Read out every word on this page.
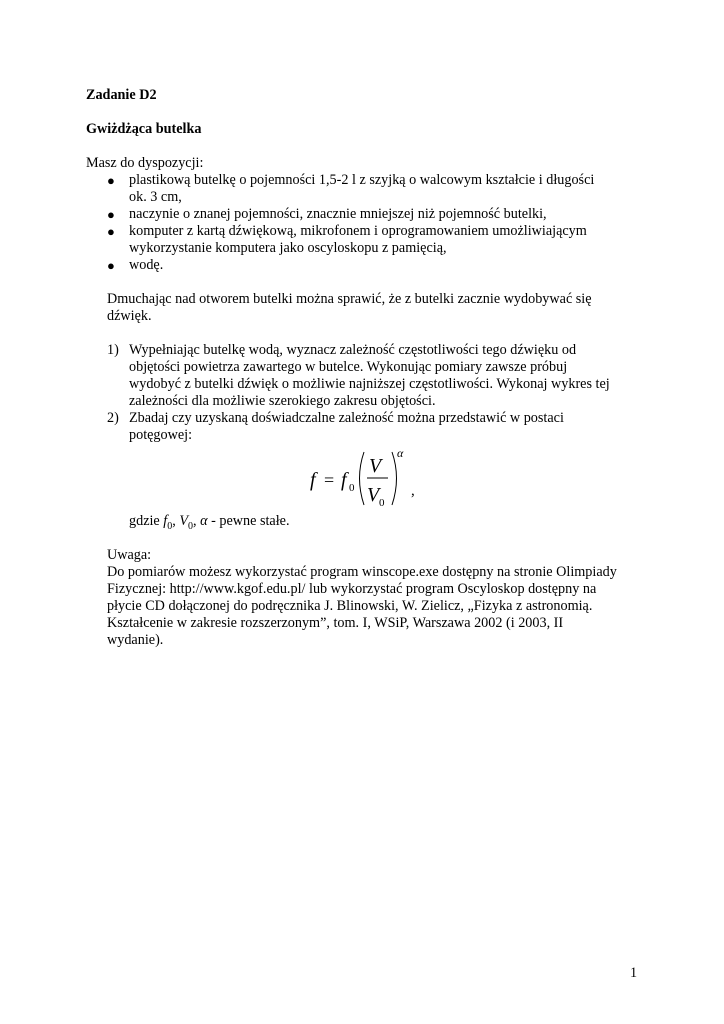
Zadanie D2
Gwiżdżąca butelka
Masz do dyspozycji:
● plastikową butelkę o pojemności 1,5-2 l z szyjką o walcowym kształcie i długości
ok. 3 cm,
● naczynie o znanej pojemności, znacznie mniejszej niż pojemność butelki,
● komputer z kartą dźwiękową, mikrofonem i oprogramowaniem umożliwiającym
wykorzystanie komputera jako oscyloskopu z pamięcią,
● wodę.
Dmuchając nad otworem butelki można sprawić, że z butelki zacznie wydobywać się
dźwięk.
1) Wypełniając butelkę wodą, wyznacz zależność częstotliwości tego dźwięku od
objętości powietrza zawartego w butelce. Wykonując pomiary zawsze próbuj
wydobyć z butelki dźwięk o możliwie najniższej częstotliwości. Wykonaj wykres tej
zależności dla możliwie szerokiego zakresu objętości.
2) Zbadaj czy uzyskaną doświadczalne zależność można przedstawić w postaci
potęgowej:
f = f 0
V
V 0
α
,
gdzie $f_0$, $V_0$, α - pewne stałe.
Uwaga:
Do pomiarów możesz wykorzystać program winscope.exe dostępny na stronie Olimpiady
Fizycznej: http://www.kgof.edu.pl/ lub wykorzystać program Oscyloskop dostępny na
płycie CD dołączonej do podręcznika J. Blinowski, W. Zielicz, „Fizyka z astronomią.
Kształcenie w zakresie rozszerzonym”, tom. I, WSiP, Warszawa 2002 (i 2003, II
wydanie).
1
